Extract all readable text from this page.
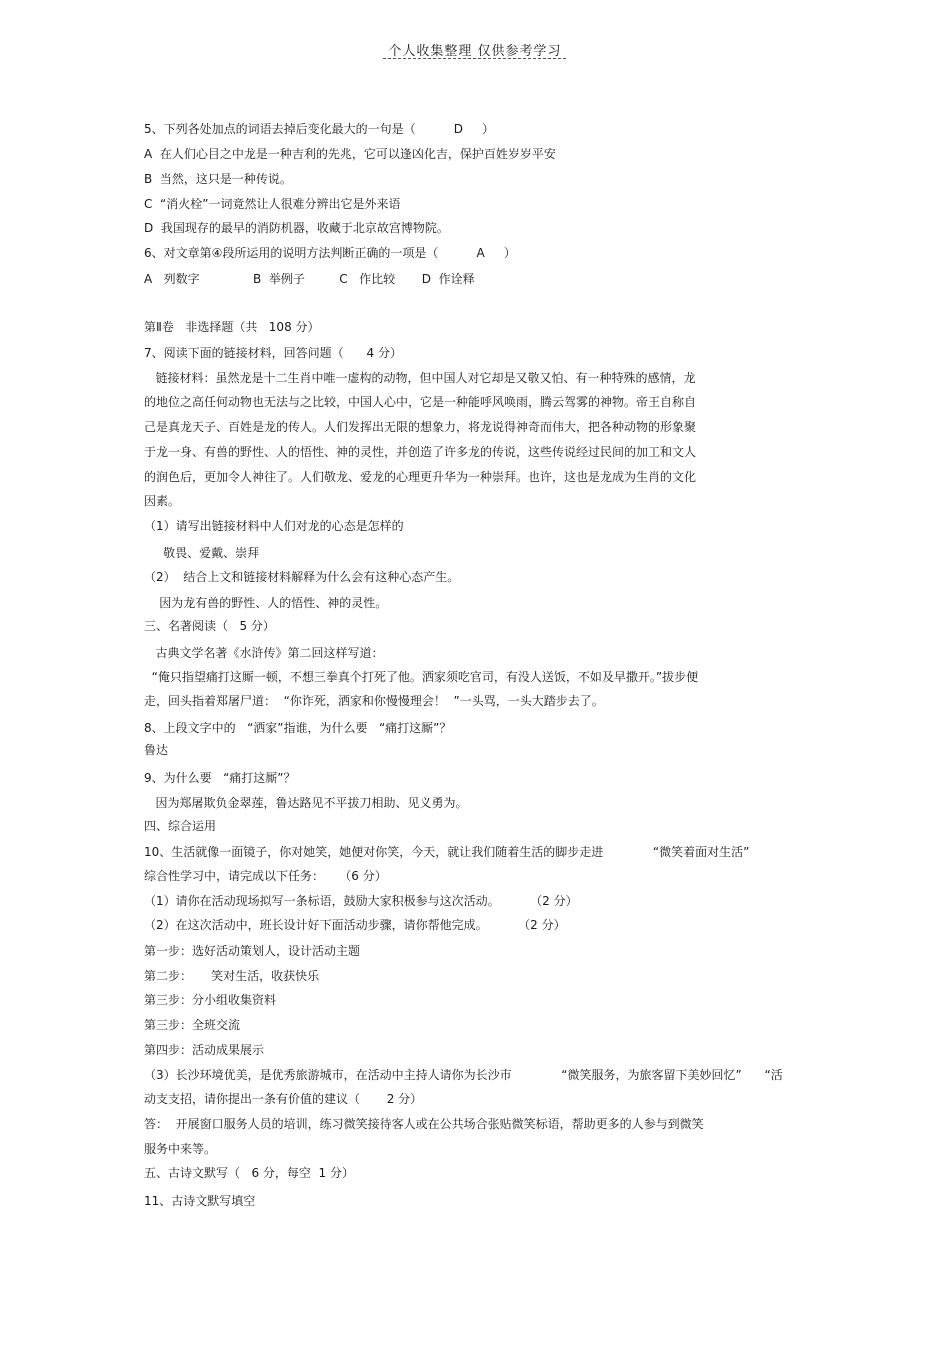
个人收集整理 仅供参考学习
5、下列各处加点的词语去掉后变化最大的一句是（          D     ）
A  在人们心目之中龙是一种吉利的先兆，它可以逢凶化吉，保护百姓岁岁平安
B  当然，这只是一种传说。
C  “消火栓”一词竟然让人很难分辨出它是外来语
D  我国现存的最早的消防机器，收藏于北京故宫博物院。
6、对文章第④段所运用的说明方法判断正确的一项是（          A     ）
A   列数字              B  举例子         C   作比较       D  作诠释
第Ⅱ卷   非选择题（共   108 分）
7、阅读下面的链接材料，回答问题（      4 分）
链接材料：虽然龙是十二生肖中唯一虚构的动物，但中国人对它却是又敬又怕、有一种特殊的感情，龙
的地位之高任何动物也无法与之比较，中国人心中，它是一种能呼风唤雨，腾云驾雾的神物。帝王自称自
己是真龙天子、百姓是龙的传人。人们发挥出无限的想象力，将龙说得神奇而伟大，把各种动物的形象聚
于龙一身、有兽的野性、人的悟性、神的灵性，并创造了许多龙的传说，这些传说经过民间的加工和文人
的润色后，更加令人神往了。人们敬龙、爱龙的心理更升华为一种崇拜。也许，这也是龙成为生肖的文化
因素。
（1）请写出链接材料中人们对龙的心态是怎样的
敬畏、爱戴、崇拜
（2）  结合上文和链接材料解释为什么会有这种心态产生。
因为龙有兽的野性、人的悟性、神的灵性。
三、名著阅读（   5 分）
古典文学名著《水浒传》第二回这样写道：
“俺只指望痛打这厮一顿，不想三拳真个打死了他。洒家须吃官司，有没人送饭，不如及早撒开。”拔步便
走，回头指着郑屠尸道：  “你诈死，洒家和你慢慢理会！  ”一头骂，一头大踏步去了。
8、上段文字中的   “洒家”指谁，为什么要   “痛打这厮”？
鲁达
9、为什么要   “痛打这厮”？
因为郑屠欺负金翠莲，鲁达路见不平拔刀相助、见义勇为。
四、综合运用
10、生活就像一面镜子，你对她笑，她便对你笑，今天，就让我们随着生活的脚步走进             “微笑着面对生活”
综合性学习中，请完成以下任务：    （6 分）
（1）请你在活动现场拟写一条标语，鼓励大家积极参与这次活动。        （2 分）
（2）在这次活动中，班长设计好下面活动步骤，请你帮他完成。        （2 分）
第一步：选好活动策划人，设计活动主题
第二步：     笑对生活，收获快乐
第三步：分小组收集资料
第三步：全班交流
第四步：活动成果展示
（3）长沙环境优美，是优秀旅游城市，在活动中主持人请你为长沙市             “微笑服务，为旅客留下美妙回忆”      “活
动支支招，请你提出一条有价值的建议（       2 分）
答：  开展窗口服务人员的培训，练习微笑接待客人或在公共场合张贴微笑标语，帮助更多的人参与到微笑
服务中来等。
五、古诗文默写（   6 分，每空  1 分）
11、古诗文默写填空
